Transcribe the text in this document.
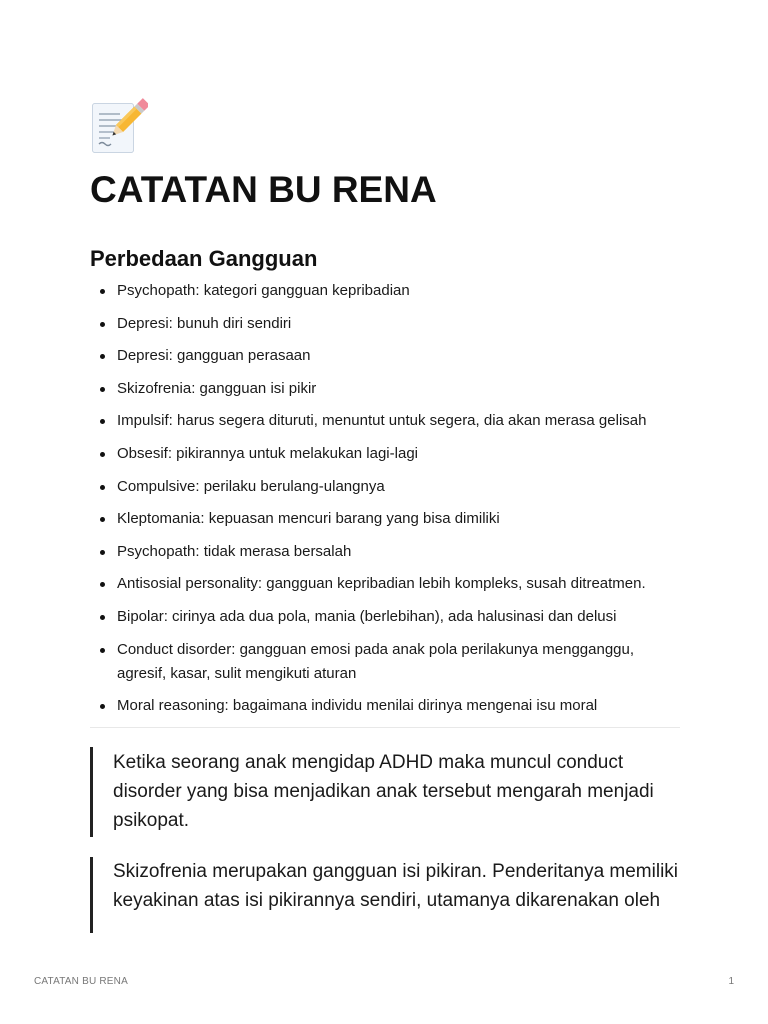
CATATAN BU RENA
Perbedaan Gangguan
Psychopath: kategori gangguan kepribadian
Depresi: bunuh diri sendiri
Depresi: gangguan perasaan
Skizofrenia: gangguan isi pikir
Impulsif: harus segera dituruti, menuntut untuk segera, dia akan merasa gelisah
Obsesif: pikirannya untuk melakukan lagi-lagi
Compulsive: perilaku berulang-ulangnya
Kleptomania: kepuasan mencuri barang yang bisa dimiliki
Psychopath: tidak merasa bersalah
Antisosial personality: gangguan kepribadian lebih kompleks, susah ditreatmen.
Bipolar: cirinya ada dua pola, mania (berlebihan), ada halusinasi dan delusi
Conduct disorder: gangguan emosi pada anak pola perilakunya mengganggu, agresif, kasar, sulit mengikuti aturan
Moral reasoning: bagaimana individu menilai dirinya mengenai isu moral
Ketika seorang anak mengidap ADHD maka muncul conduct disorder yang bisa menjadikan anak tersebut mengarah menjadi psikopat.
Skizofrenia merupakan gangguan isi pikiran. Penderitanya memiliki keyakinan atas isi pikirannya sendiri, utamanya dikarenakan oleh
CATATAN BU RENA	1
